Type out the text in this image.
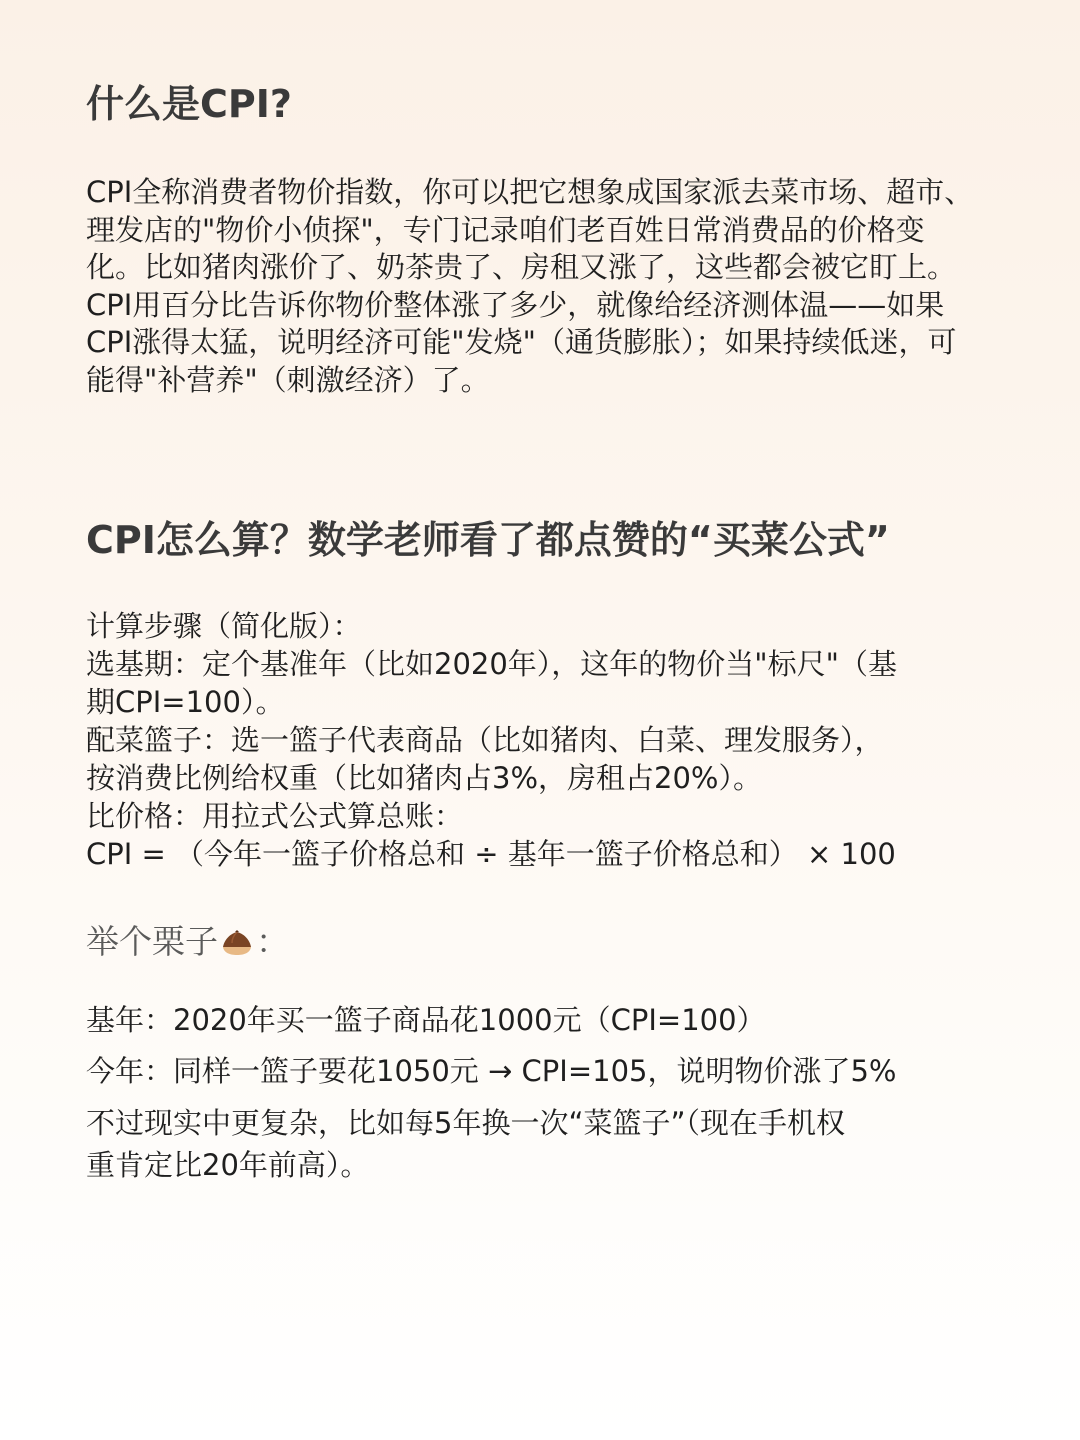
什么是CPI?

CPI全称消费者物价指数，你可以把它想象成国家派去菜市场、超市、理发店的"物价小侦探"，专门记录咱们老百姓日常消费品的价格变化。比如猪肉涨价了、奶茶贵了、房租又涨了，这些都会被它盯上。CPI用百分比告诉你物价整体涨了多少，就像给经济测体温——如果CPI涨得太猛，说明经济可能"发烧"（通货膨胀）；如果持续低迷，可能得"补营养"（刺激经济）了。

CPI怎么算？数学老师看了都点赞的“买菜公式”

计算步骤（简化版）：

选基期：定个基准年（比如2020年），这年的物价当"标尺"（基

期CPI=100）。

配菜篮子：选一篮子代表商品（比如猪肉、白菜、理发服务），

按消费比例给权重（比如猪肉占3%，房租占20%）。

比价格：用拉式公式算总账：

CPI = （今年一篮子价格总和 ÷ 基年一篮子价格总和） × 100

举个栗子 ：

基年：2020年买一篮子商品花1000元（CPI=100）

今年：同样一篮子要花1050元 → CPI=105，说明物价涨了5%

不过现实中更复杂，比如每5年换一次“菜篮子”（现在手机权

重肯定比20年前高）。
